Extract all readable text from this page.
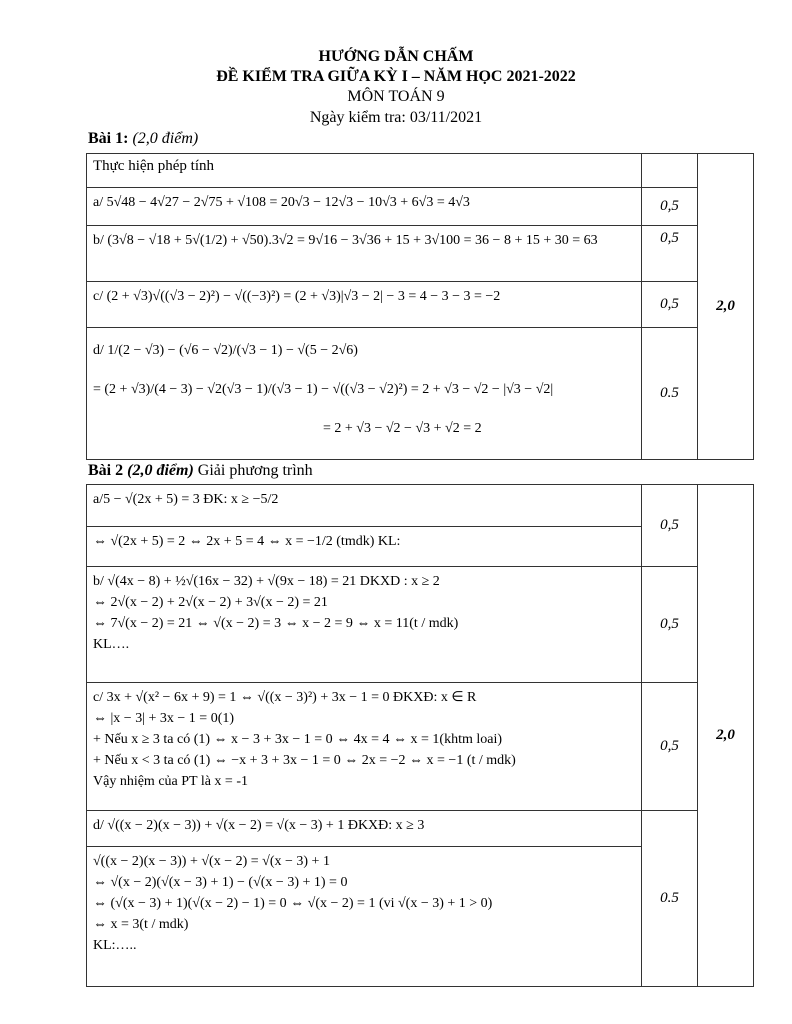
HƯỚNG DẪN CHẤM
ĐỀ KIỂM TRA GIỮA KỲ I – NĂM HỌC 2021-2022
MÔN TOÁN 9
Ngày kiểm tra: 03/11/2021
Bài 1: (2,0 điểm)
Thực hiện phép tính		2,0
a/ 5√48 − 4√27 − 2√75 + √108 = 20√3 − 12√3 − 10√3 + 6√3 = 4√3	0,5	
b/ (3√8 − √18 + 5√(1/2) + √50).3√2 = 9√16 − 3√36 + 15 + 3√100 = 36 − 8 + 15 + 30 = 63	0,5	
c/ (2 + √3)√((√3 − 2)²) − √((−3)²) = (2 + √3)|√3 − 2| − 3 = 4 − 3 − 3 = −2	0,5	

d/ 1/(2 − √3) − (√6 − √2)/(√3 − 1) − √(5 − 2√6)
= (2 + √3)/(4 − 3) − √2(√3 − 1)/(√3 − 1) − √((√3 − √2)²) = 2 + √3 − √2 − |√3 − √2|
= 2 + √3 − √2 − √3 + √2 = 2	0.5	
Bài 2 (2,0 điểm) Giải phương trình
a/5 − √(2x + 5) = 3 ĐK: x ≥ −5/2	0,5	2,0
⇔ √(2x + 5) = 2 ⇔ 2x + 5 = 4 ⇔ x = −1/2 (tmdk) KL:		

b/ √(4x − 8) + ½√(16x − 32) + √(9x − 18) = 21 DKXD : x ≥ 2
⇔ 2√(x − 2) + 2√(x − 2) + 3√(x − 2) = 21
⇔ 7√(x − 2) = 21 ⇔ √(x − 2) = 3 ⇔ x − 2 = 9 ⇔ x = 11(t / mdk)
KL….	0,5	

c/ 3x + √(x² − 6x + 9) = 1 ⇔ √((x − 3)²) + 3x − 1 = 0 ĐKXĐ: x ∈ R
⇔ |x − 3| + 3x − 1 = 0(1)
+ Nếu x ≥ 3 ta có (1) ⇔ x − 3 + 3x − 1 = 0 ⇔ 4x = 4 ⇔ x = 1(khtm loai)
+ Nếu x < 3 ta có (1) ⇔ −x + 3 + 3x − 1 = 0 ⇔ 2x = −2 ⇔ x = −1 (t / mdk)
Vậy nhiệm của PT là x = -1	0,5	
d/ √((x − 2)(x − 3)) + √(x − 2) = √(x − 3) + 1 ĐKXĐ: x ≥ 3	0.5	

√((x − 2)(x − 3)) + √(x − 2) = √(x − 3) + 1
⇔ √(x − 2)(√(x − 3) + 1) − (√(x − 3) + 1) = 0
⇔ (√(x − 3) + 1)(√(x − 2) − 1) = 0 ⇔ √(x − 2) = 1 (vi √(x − 3) + 1 > 0)
⇔ x = 3(t / mdk)
KL:…..		
